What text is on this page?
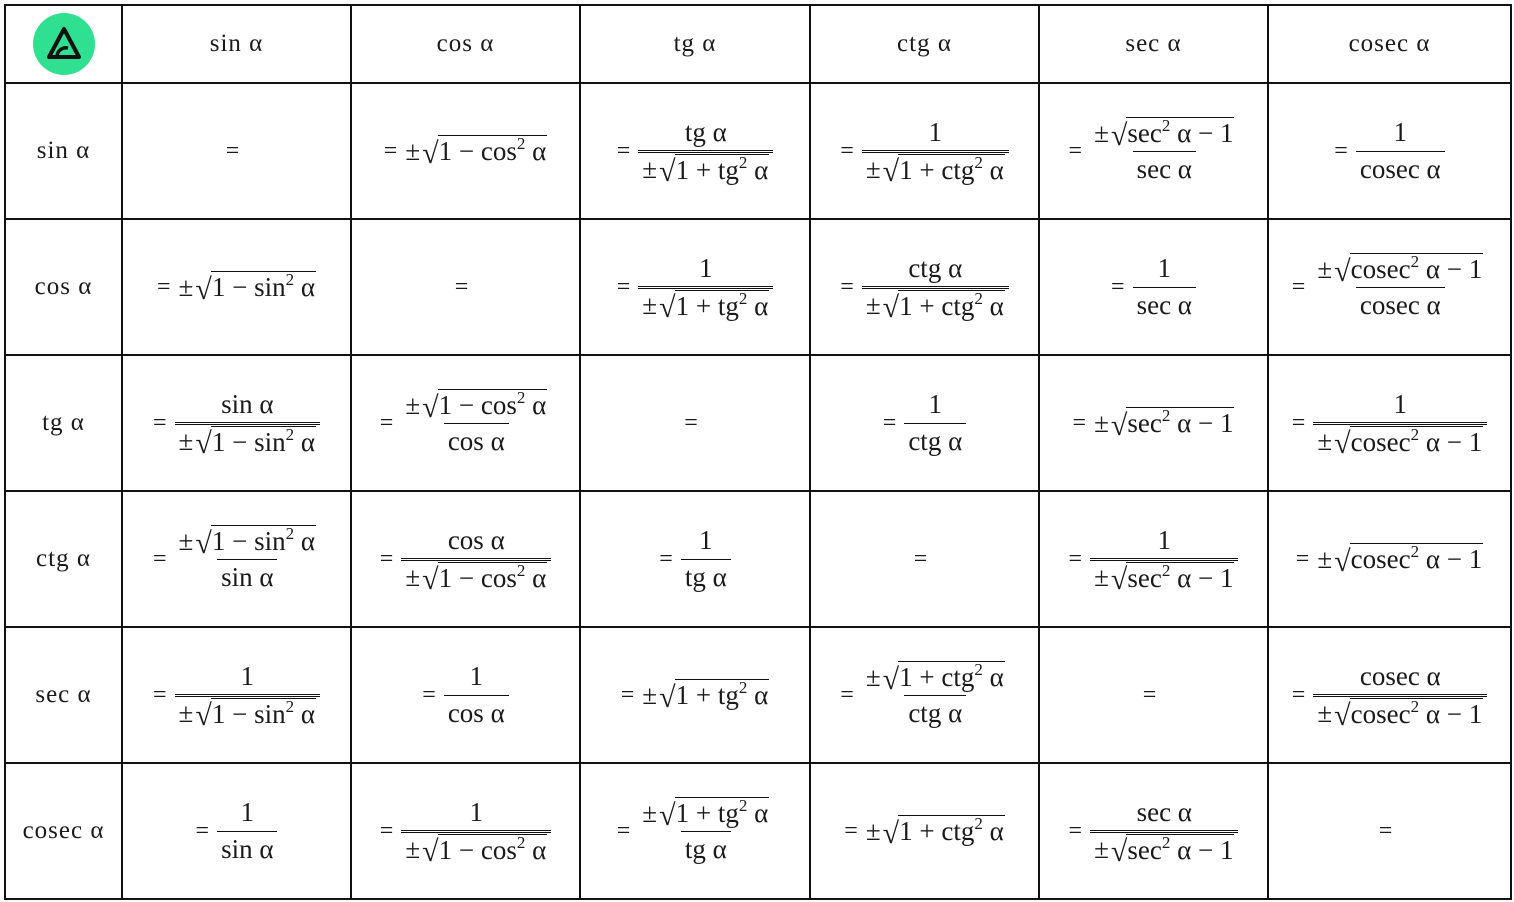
	sin α	cos α	tg α	ctg α	sec α	cosec α
sin α	=	= ± √ $1 - \cos^2 \alpha$	= $\frac{\text{tg α}}{\pm √ 1 + tg^2 \alpha}$	= $\frac{1}{\pm √ 1 + ctg^2 \alpha}$	= $\frac{\pm √ \sec^2 \alpha - 1}{\text{sec α}}$	= $\frac{1}{\text{cosec α}}$

cos α	= ± √ $1 - \sin^2 \alpha$	=	= $\frac{1}{\pm √ 1 + tg^2 \alpha}$	= $\frac{\text{ctg α}}{\pm √ 1 + ctg^2 \alpha}$	= $\frac{1}{\text{sec α}}$	= $\frac{\pm √ cosec^2 \alpha - 1}{\text{cosec α}}$

tg α	= $\frac{\text{sin α}}{\pm √ 1 - \sin^2 \alpha}$	= $\frac{\pm √ 1 - \cos^2 \alpha}{\text{cos α}}$	=	= $\frac{1}{\text{ctg α}}$	= ± √ $\sec^2 \alpha - 1$	= $\frac{1}{\pm √ cosec^2 \alpha - 1}$

ctg α	= $\frac{\pm √ 1 - \sin^2 \alpha}{\text{sin α}}$	= $\frac{\text{cos α}}{\pm √ 1 - \cos^2 \alpha}$	= $\frac{1}{\text{tg α}}$	=	= $\frac{1}{\pm √ \sec^2 \alpha - 1}$	= ± √ cosec$^2$ α − 1

sec α	= $\frac{1}{\pm √ 1 - \sin^2 \alpha}$	= $\frac{1}{\text{cos α}}$	= ± √ $1 + tg^2$ α	= $\frac{\pm √ 1 + ctg^2 \alpha}{\text{ctg α}}$	=	= $\frac{\text{cosec α}}{\pm √ cosec^2 \alpha - 1}$

cosec α	= $\frac{1}{\text{sin α}}$	= $\frac{1}{\pm √ 1 - \cos^2 \alpha}$	= $\frac{\pm √ 1 + tg^2 \alpha}{\text{tg α}}$	= ± √ 1 + ctg$^2$ α	= $\frac{\text{sec α}}{\pm √ \sec^2 \alpha - 1}$	=
